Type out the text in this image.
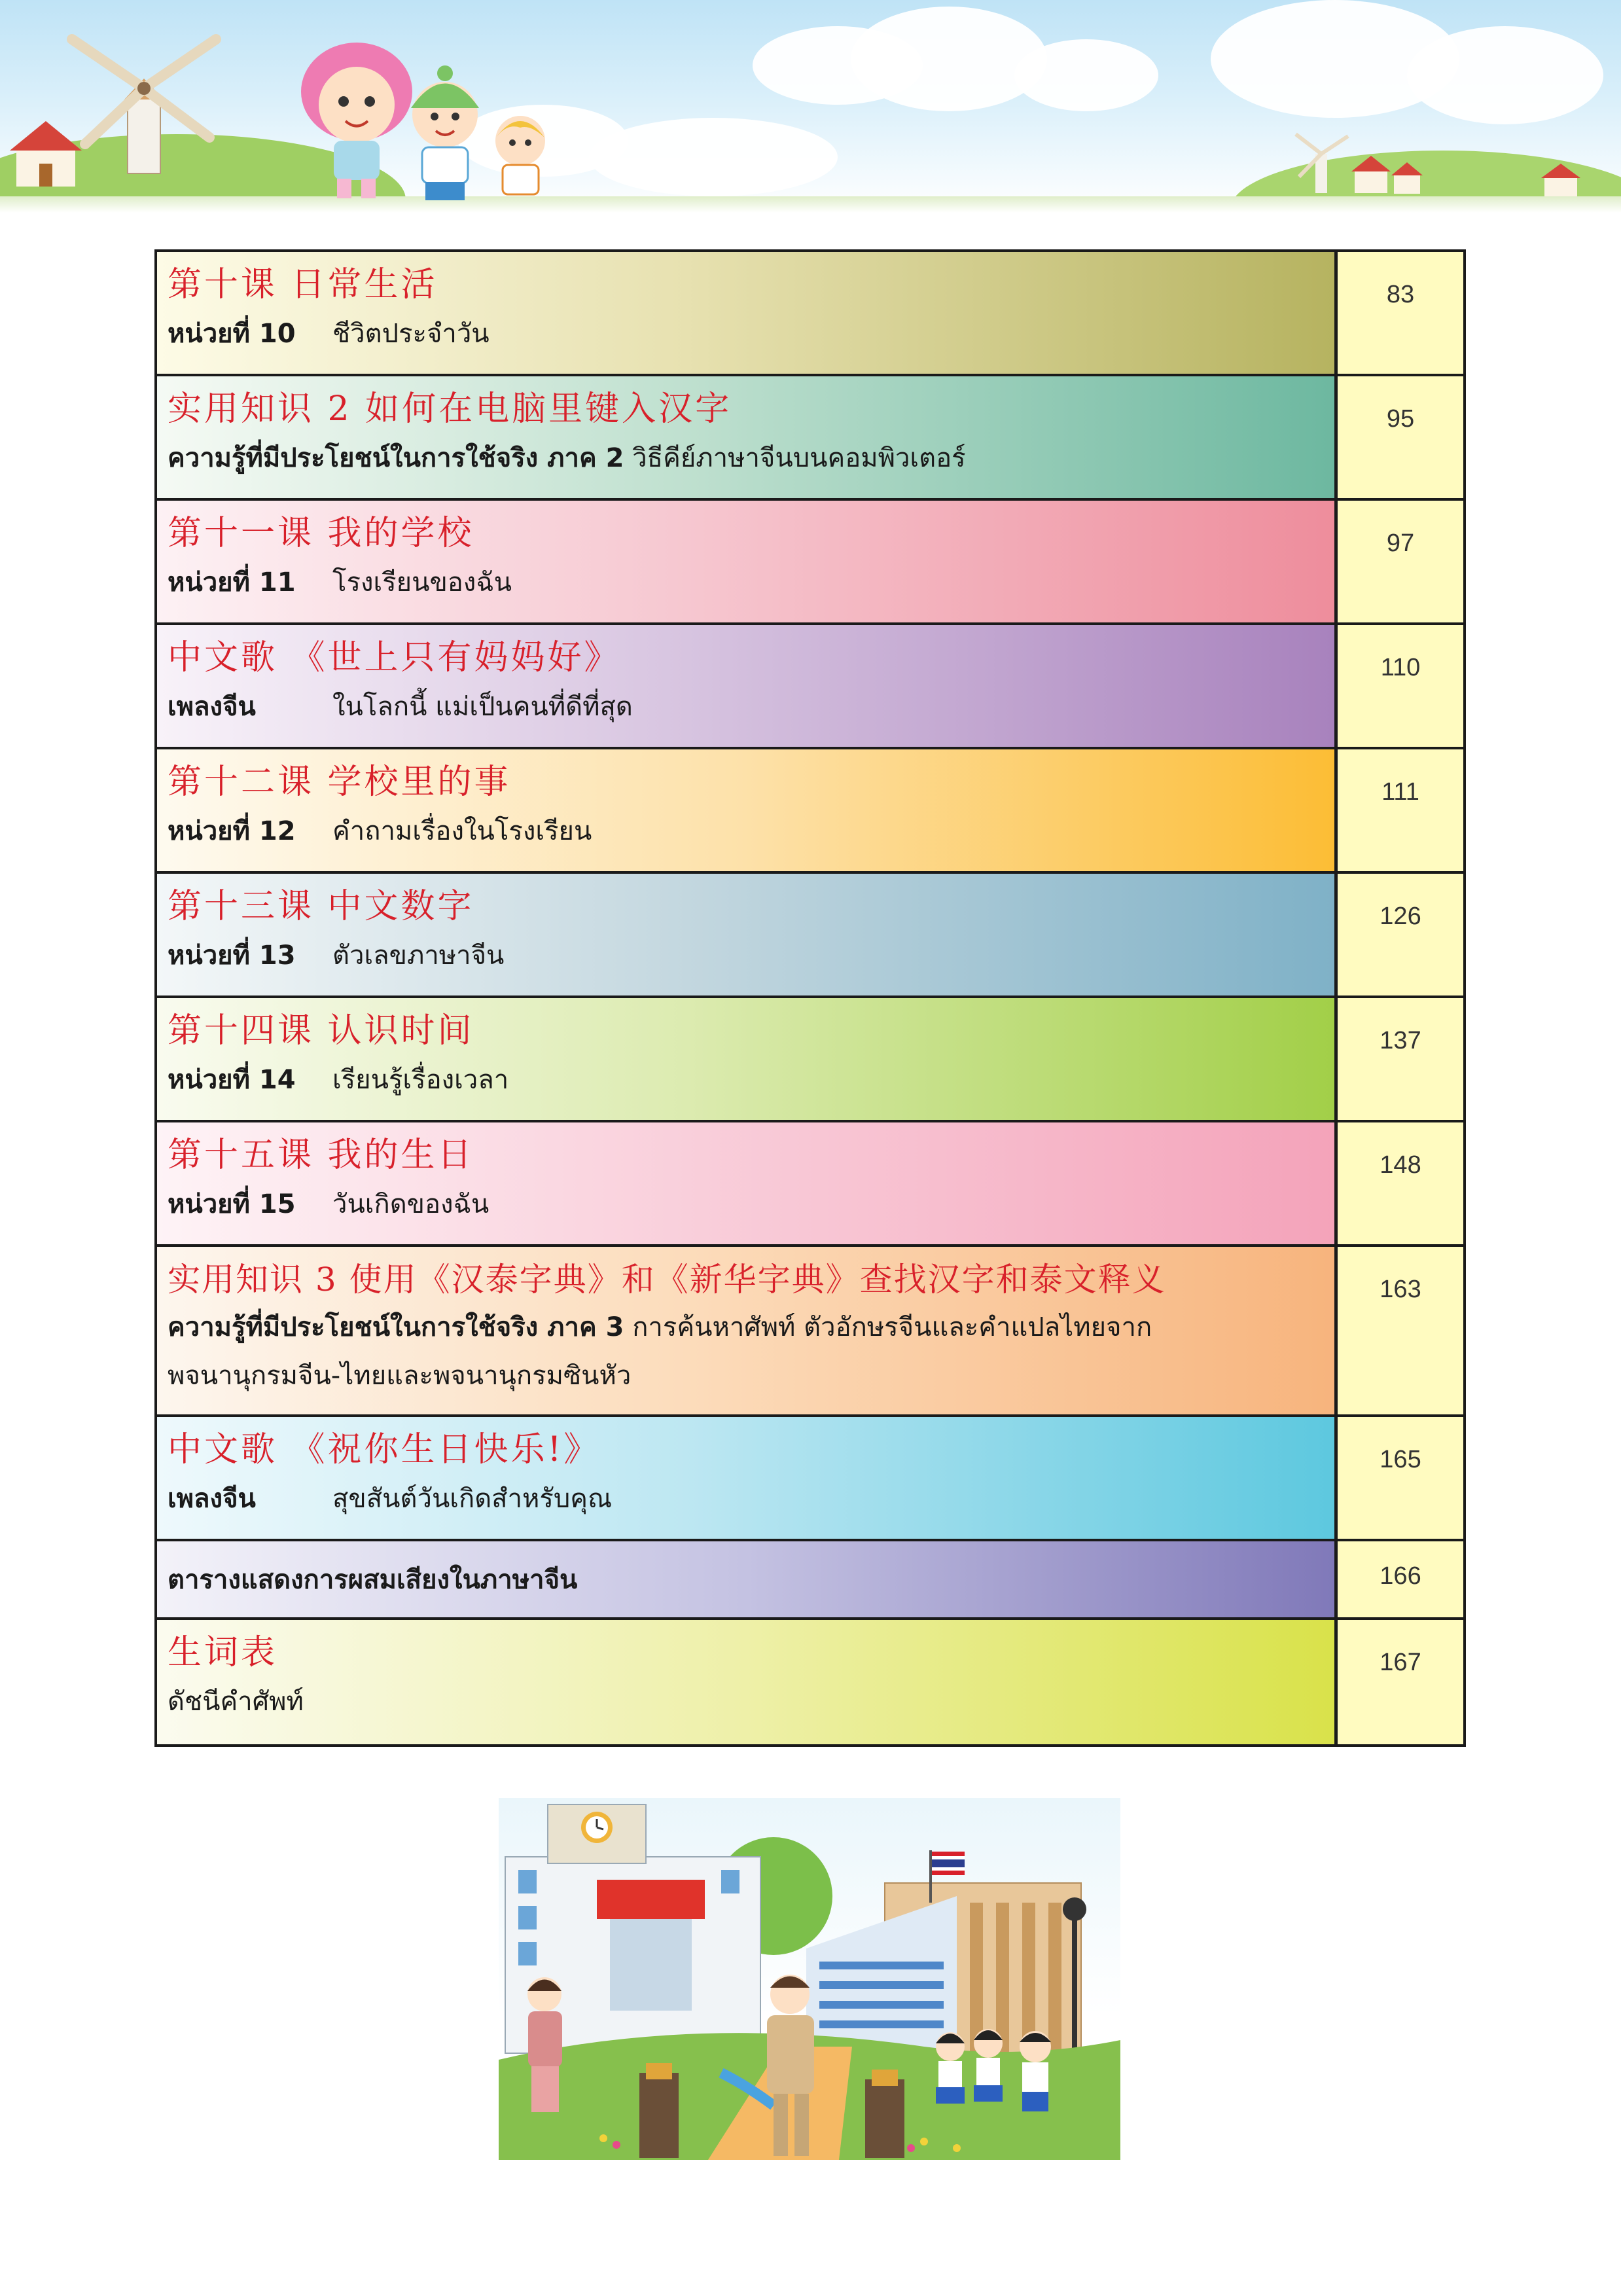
第十课 日常生活
หน่วยที่ 10 ชีวิตประจำวัน
83
实用知识 2 如何在电脑里键入汉字
ความรู้ที่มีประโยชน์ในการใช้จริง ภาค 2 วิธีคีย์ภาษาจีนบนคอมพิวเตอร์
95
第十一课 我的学校
หน่วยที่ 11 โรงเรียนของฉัน
97
中文歌 《世上只有妈妈好》
เพลงจีน	ในโลกนี้ แม่เป็นคนที่ดีที่สุด
110
第十二课 学校里的事
หน่วยที่ 12 คำถามเรื่องในโรงเรียน
111
第十三课 中文数字
หน่วยที่ 13 ตัวเลขภาษาจีน
126
第十四课 认识时间
หน่วยที่ 14 เรียนรู้เรื่องเวลา
137
第十五课 我的生日
หน่วยที่ 15 วันเกิดของฉัน
148
实用知识 3 使用《汉泰字典》和《新华字典》查找汉字和泰文释义
ความรู้ที่มีประโยชน์ในการใช้จริง ภาค 3 การค้นหาศัพท์ ตัวอักษรจีนและคำแปลไทยจาก
พจนานุกรมจีน-ไทยและพจนานุกรมซินหัว
163
中文歌 《祝你生日快乐!》
เพลงจีน	สุขสันต์วันเกิดสำหรับคุณ
165
ตารางแสดงการผสมเสียงในภาษาจีน	166
生词表
ดัชนีคำศัพท์
167
